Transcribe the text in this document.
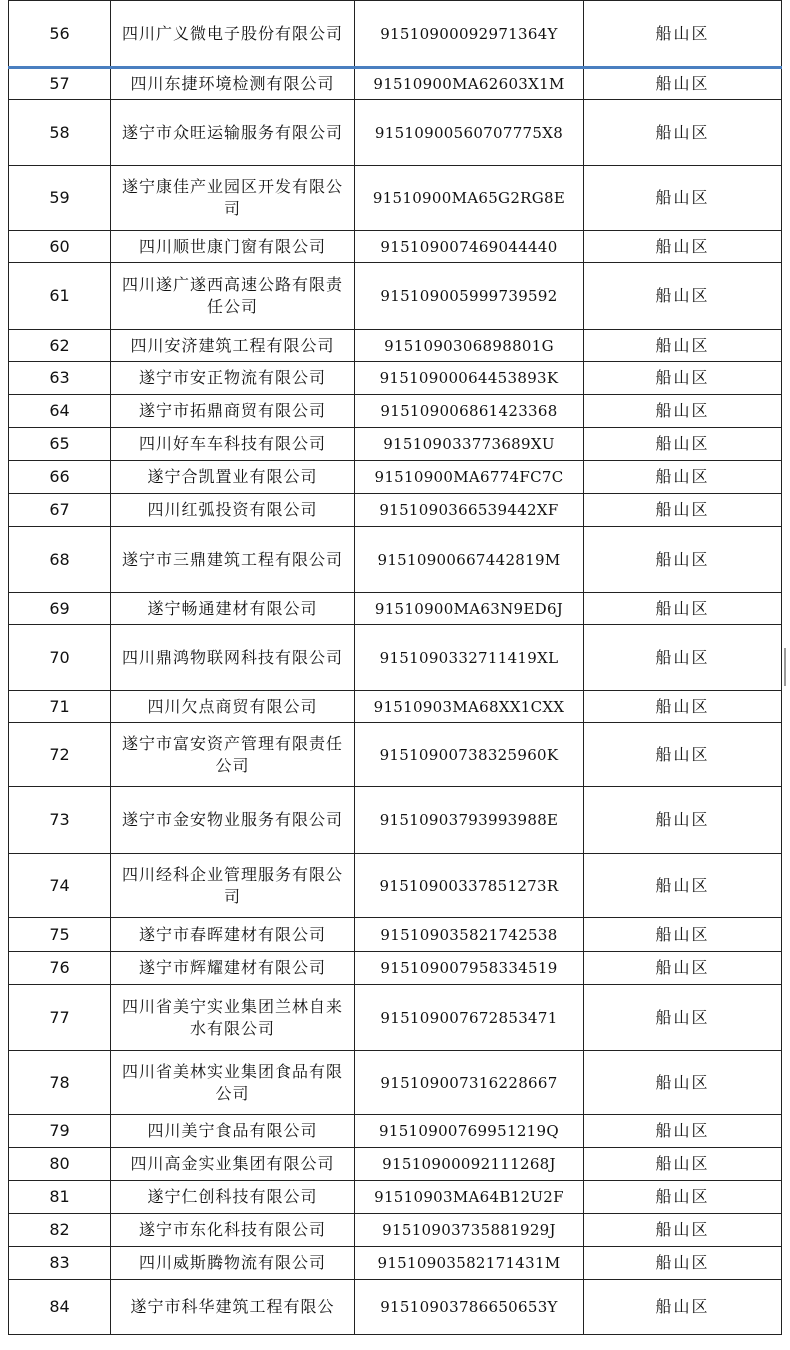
56	四川广义微电子股份有限公司	91510900092971364Y	船山区
57	四川东捷环境检测有限公司	91510900MA62603X1M	船山区
58	遂宁市众旺运输服务有限公司	91510900560707775X8	船山区
59	遂宁康佳产业园区开发有限公司	91510900MA65G2RG8E	船山区
60	四川顺世康门窗有限公司	915109007469044440	船山区
61	四川遂广遂西高速公路有限责任公司	915109005999739592	船山区
62	四川安济建筑工程有限公司	9151090306898801G	船山区
63	遂宁市安正物流有限公司	91510900064453893K	船山区
64	遂宁市拓鼎商贸有限公司	915109006861423368	船山区
65	四川好车车科技有限公司	915109033773689XU	船山区
66	遂宁合凯置业有限公司	91510900MA6774FC7C	船山区
67	四川红弧投资有限公司	9151090366539442XF	船山区
68	遂宁市三鼎建筑工程有限公司	91510900667442819M	船山区
69	遂宁畅通建材有限公司	91510900MA63N9ED6J	船山区
70	四川鼎鸿物联网科技有限公司	9151090332711419XL	船山区
71	四川欠点商贸有限公司	91510903MA68XX1CXX	船山区
72	遂宁市富安资产管理有限责任公司	91510900738325960K	船山区
73	遂宁市金安物业服务有限公司	91510903793993988E	船山区
74	四川经科企业管理服务有限公司	91510900337851273R	船山区
75	遂宁市春晖建材有限公司	915109035821742538	船山区
76	遂宁市辉耀建材有限公司	915109007958334519	船山区
77	四川省美宁实业集团兰林自来水有限公司	915109007672853471	船山区
78	四川省美林实业集团食品有限公司	915109007316228667	船山区
79	四川美宁食品有限公司	91510900769951219Q	船山区
80	四川高金实业集团有限公司	91510900092111268J	船山区
81	遂宁仁创科技有限公司	91510903MA64B12U2F	船山区
82	遂宁市东化科技有限公司	91510903735881929J	船山区
83	四川威斯腾物流有限公司	91510903582171431M	船山区
84	遂宁市科华建筑工程有限公	91510903786650653Y	船山区
